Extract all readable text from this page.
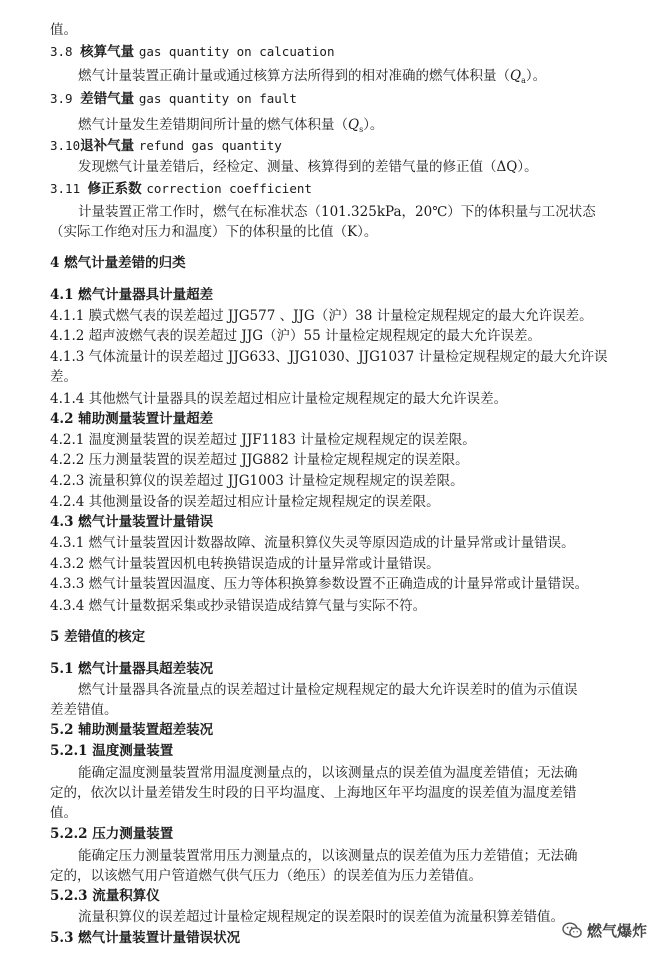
值。
3.8 核算气量 gas quantity on calcuation
燃气计量装置正确计量或通过核算方法所得到的相对准确的燃气体积量$(Q_a)$。
3.9 差错气量 gas quantity on fault
燃气计量发生差错期间所计量的燃气体积量$(Q_s)$。
3.10退补气量 refund gas quantity
发现燃气计量差错后，经检定、测量、核算得到的差错气量的修正值（ΔQ）。
3.11 修正系数 correction coefficient
计量装置正常工作时，燃气在标准状态（101.325kPa，20℃）下的体积量与工况状态
（实际工作绝对压力和温度）下的体积量的比值（K）。
4 燃气计量差错的归类
4.1 燃气计量器具计量超差
4.1.1 膜式燃气表的误差超过 JJG577 、JJG（沪）38 计量检定规程规定的最大允许误差。
4.1.2 超声波燃气表的误差超过 JJG（沪）55 计量检定规程规定的最大允许误差。
4.1.3 气体流量计的误差超过 JJG633、JJG1030、JJG1037 计量检定规程规定的最大允许误
差。
4.1.4 其他燃气计量器具的误差超过相应计量检定规程规定的最大允许误差。
4.2 辅助测量装置计量超差
4.2.1 温度测量装置的误差超过 JJF1183 计量检定规程规定的误差限。
4.2.2 压力测量装置的误差超过 JJG882 计量检定规程规定的误差限。
4.2.3 流量积算仪的误差超过 JJG1003 计量检定规程规定的误差限。
4.2.4 其他测量设备的误差超过相应计量检定规程规定的误差限。
4.3 燃气计量装置计量错误
4.3.1 燃气计量装置因计数器故障、流量积算仪失灵等原因造成的计量异常或计量错误。
4.3.2 燃气计量装置因机电转换错误造成的计量异常或计量错误。
4.3.3 燃气计量装置因温度、压力等体积换算参数设置不正确造成的计量异常或计量错误。
4.3.4 燃气计量数据采集或抄录错误造成结算气量与实际不符。
5 差错值的核定
5.1 燃气计量器具超差装况
燃气计量器具各流量点的误差超过计量检定规程规定的最大允许误差时的值为示值误
差差错值。
5.2 辅助测量装置超差装况
5.2.1 温度测量装置
能确定温度测量装置常用温度测量点的，以该测量点的误差值为温度差错值；无法确
定的，依次以计量差错发生时段的日平均温度、上海地区年平均温度的误差值为温度差错
值。
5.2.2 压力测量装置
能确定压力测量装置常用压力测量点的，以该测量点的误差值为压力差错值；无法确
定的，以该燃气用户管道燃气供气压力（绝压）的误差值为压力差错值。
5.2.3 流量积算仪
流量积算仪的误差超过计量检定规程规定的误差限时的误差值为流量积算差错值。
5.3 燃气计量装置计量错误状况	燃气爆炸
